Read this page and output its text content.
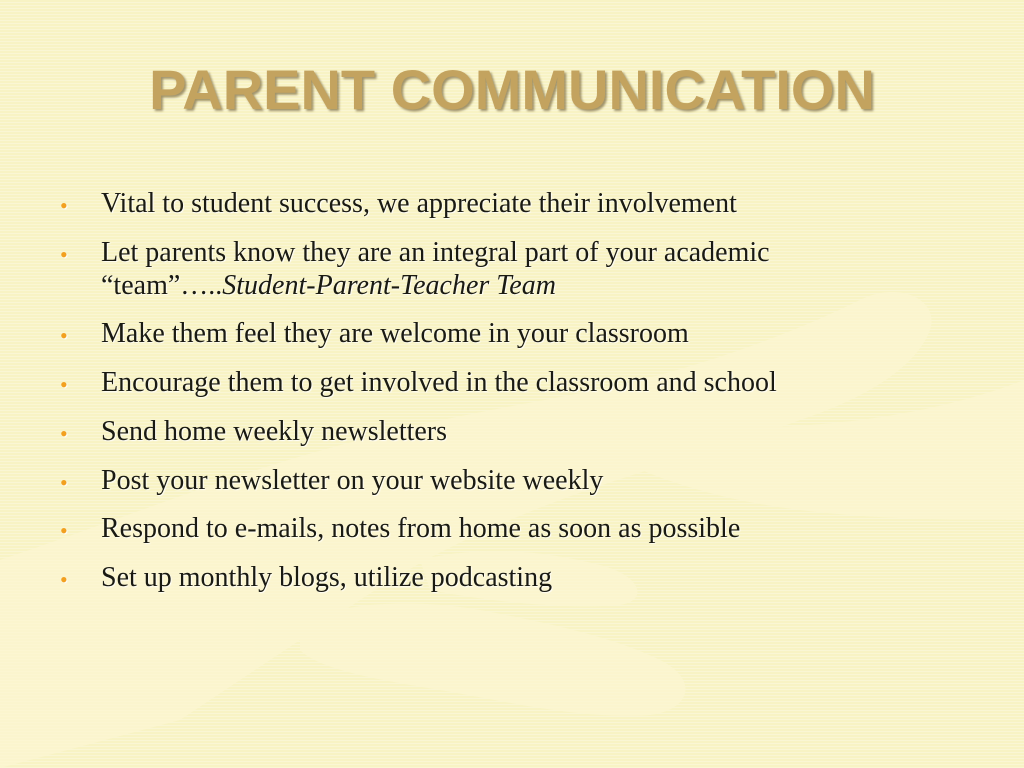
PARENT COMMUNICATION
• Vital to student success, we appreciate their involvement
• Let parents know they are an integral part of your academic “team”…..Student-Parent-Teacher Team
• Make them feel they are welcome in your classroom
• Encourage them to get involved in the classroom and school
• Send home weekly newsletters
• Post your newsletter on your website weekly
• Respond to e-mails, notes from home as soon as possible
• Set up monthly blogs, utilize podcasting
